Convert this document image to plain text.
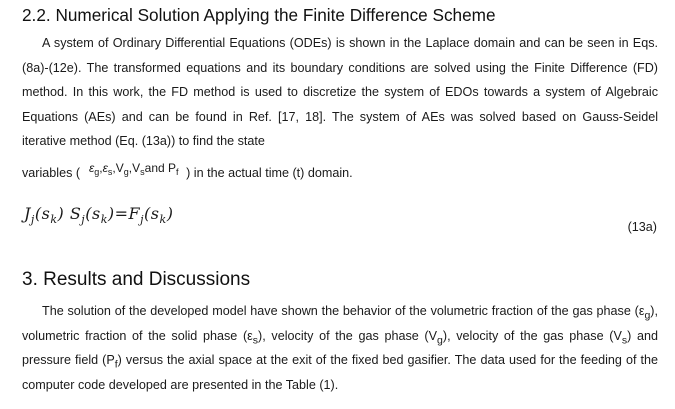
2.2. Numerical Solution Applying the Finite Difference Scheme

A system of Ordinary Differential Equations (ODEs) is shown in the Laplace domain and can be seen in Eqs. (8a)-(12e). The transformed equations and its boundary conditions are solved using the Finite Difference (FD) method. In this work, the FD method is used to discretize the system of EDOs towards a system of Algebraic Equations (AEs) and can be found in Ref. [17, 18]. The system of AEs was solved based on Gauss-Seidel iterative method (Eq. (13a)) to find the state

variables (	) in the actual time (t) domain.
$\varepsilon_g,\varepsilon_s,V_g,V_sand$ $P_f$
$J_j(s_k)$ $S_j(s_k)=F_j(s_k)$
(13a)
3. Results and Discussions

The solution of the developed model have shown the behavior of the volumetric fraction of the gas phase $(\varepsilon_g)$, volumetric fraction of the solid phase $(\varepsilon_s)$, velocity of the gas phase $(V_g)$, velocity of the gas phase $(V_s)$ and pressure field $(P_f)$ versus the axial space at the exit of the fixed bed gasifier. The data used for the feeding of the computer code developed are presented in the Table (1).
